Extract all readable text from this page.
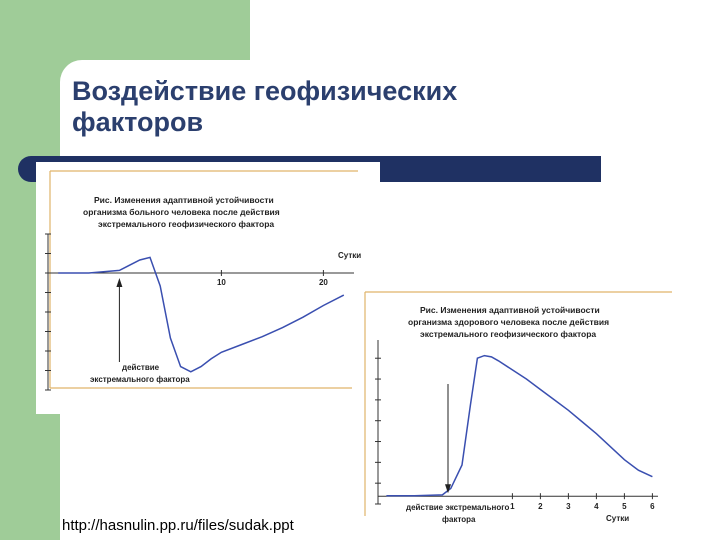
Воздействие геофизических
факторов
Рис. Изменения адаптивной устойчивости
организма больного человека после действия
экстремального геофизического фактора
10	20
Сутки
действие
экстремального фактора
Рис. Изменения адаптивной устойчивости
организма здорового человека после действия
экстремального геофизического фактора
1	2	3	4	5	6
Сутки
действие экстремального
фактора

http://hasnulin.pp.ru/files/sudak.ppt
